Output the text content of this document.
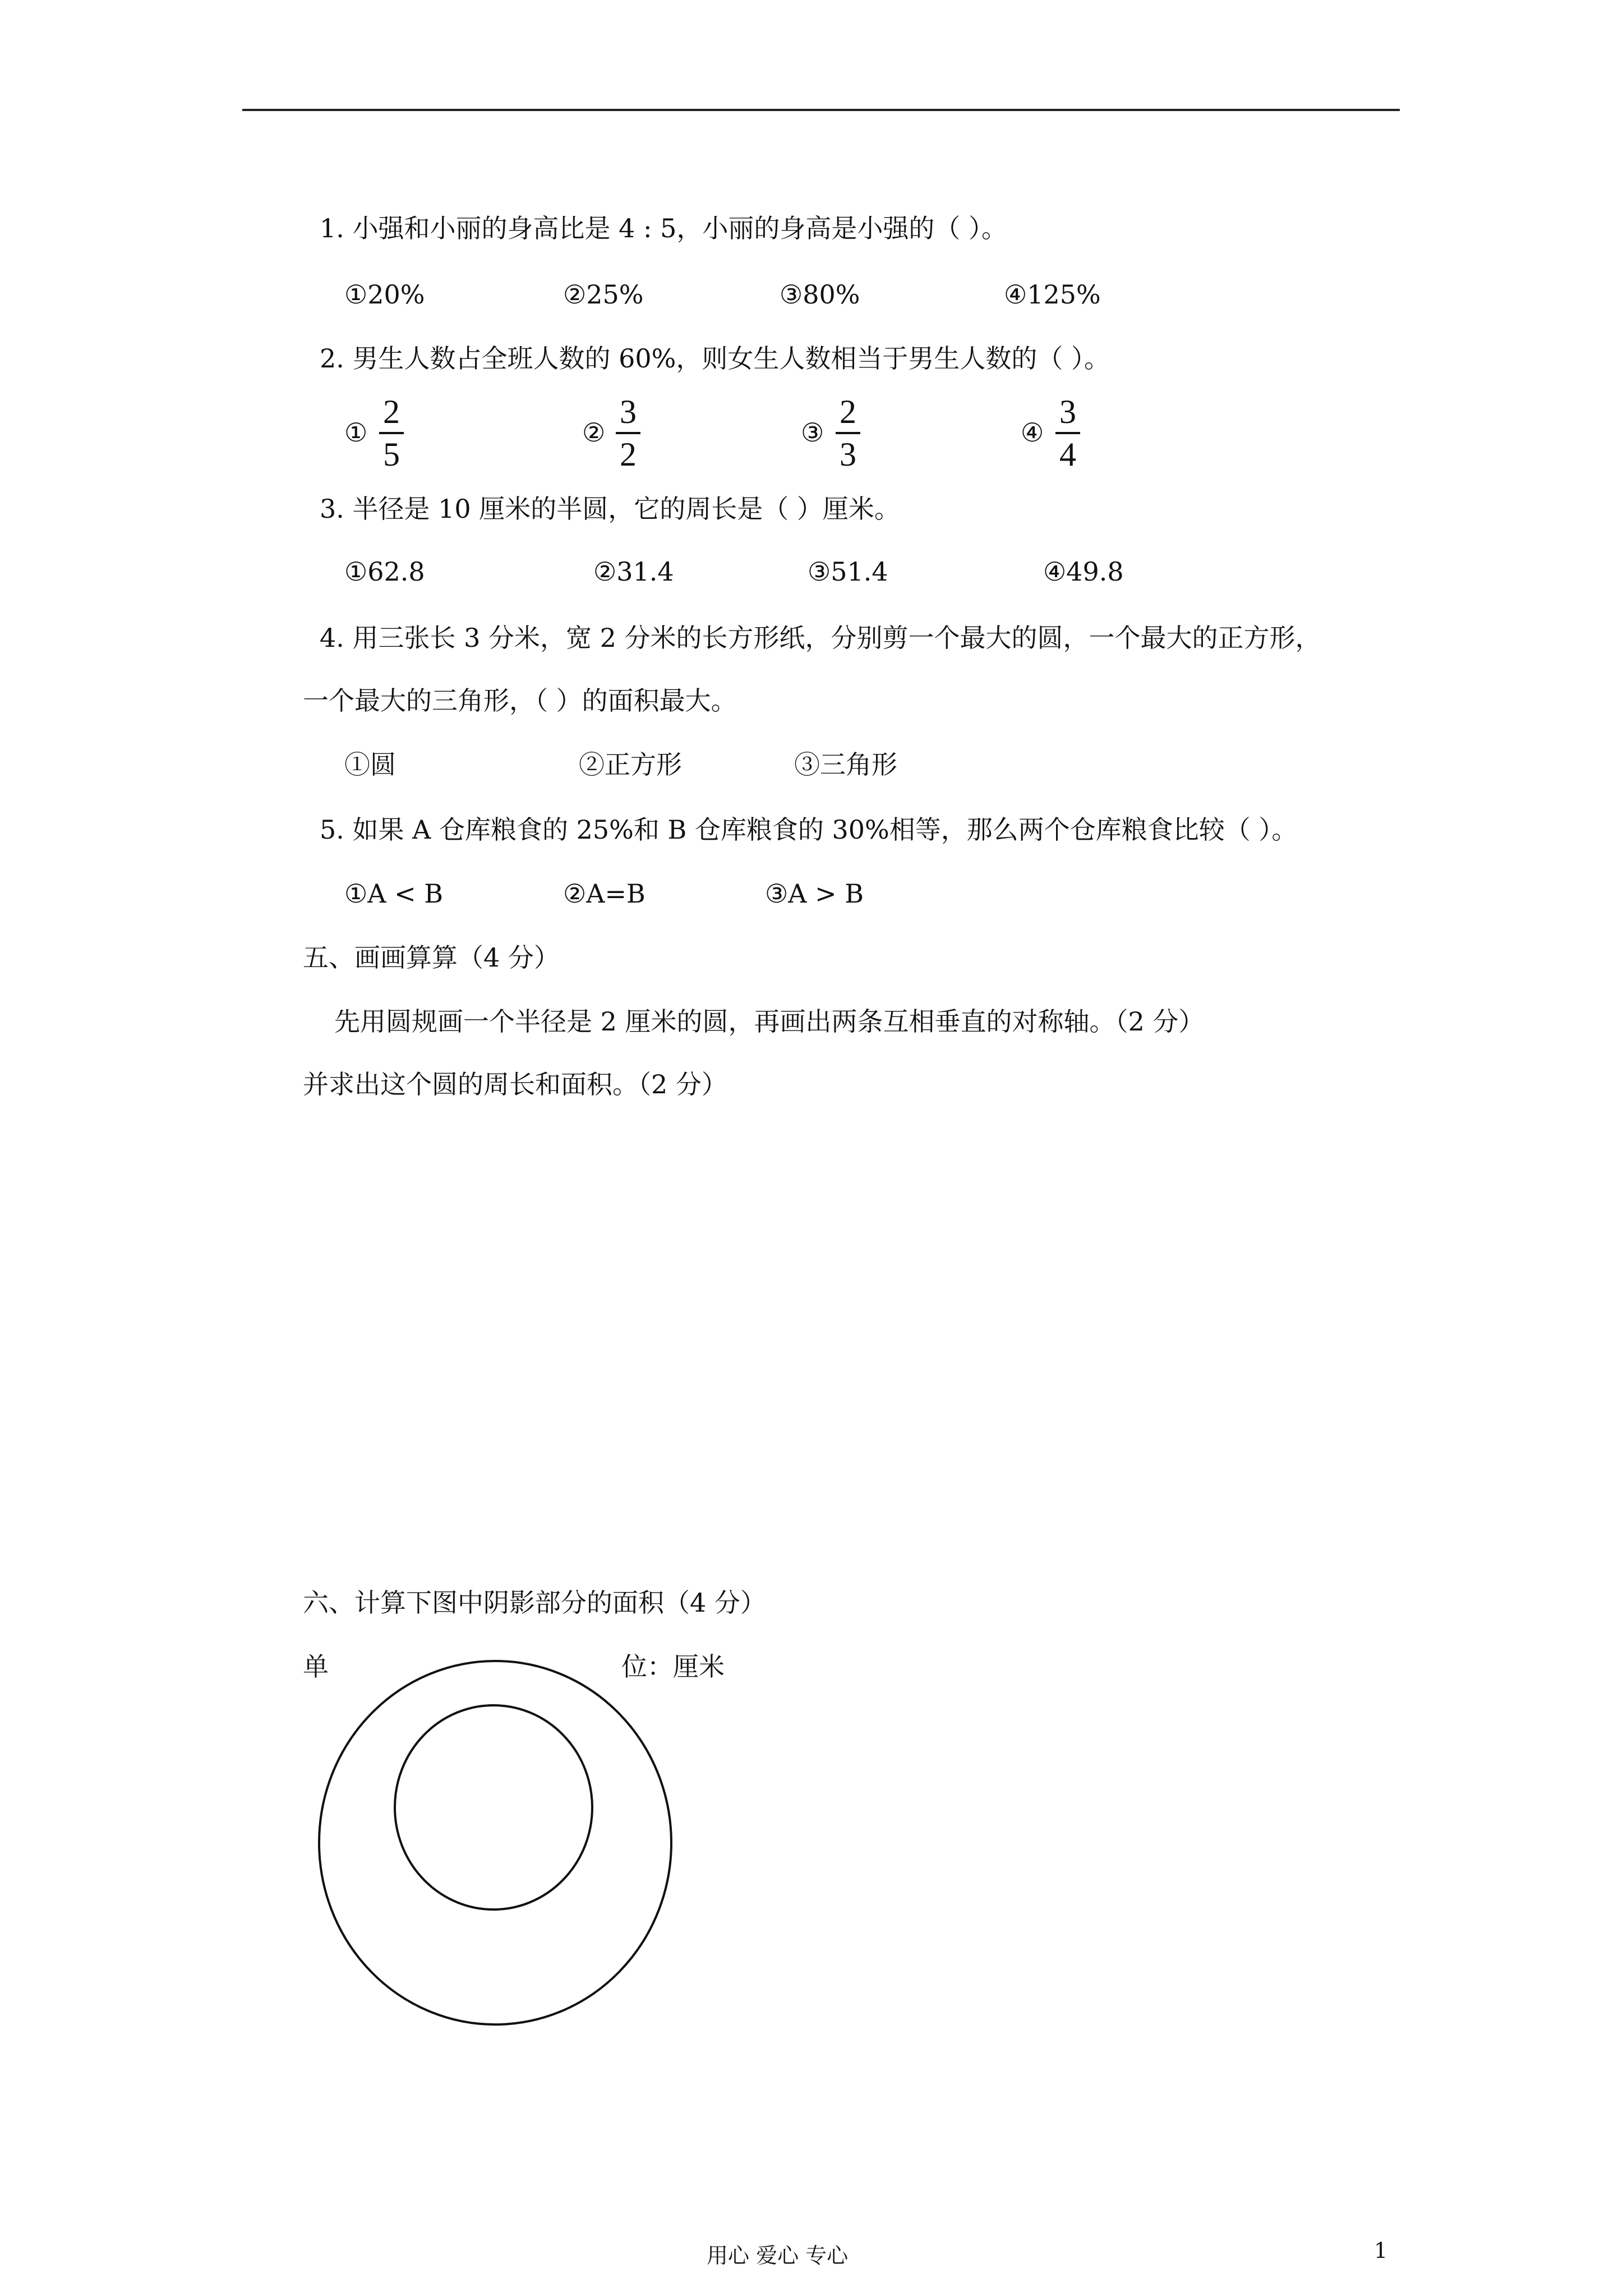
1. 小强和小丽的身高比是 4 : 5，小丽的身高是小强的（ ）。
①20%	②25%	③80%	④125%
2. 男生人数占全班人数的 60%，则女生人数相当于男生人数的（ ）。
①
2
5
②
3
2
③
2
3
④
3
4
3. 半径是 10 厘米的半圆，它的周长是（ ）厘米。
①62.8	②31.4	③51.4	④49.8
4. 用三张长 3 分米，宽 2 分米的长方形纸，分别剪一个最大的圆，一个最大的正方形，
一个最大的三角形，（ ）的面积最大。
①圆	②正方形	③三角形
5. 如果 A 仓库粮食的 25%和 B 仓库粮食的 30%相等，那么两个仓库粮食比较（ ）。
①A < B	②A=B	③A > B
五、画画算算（4 分）
先用圆规画一个半径是 2 厘米的圆，再画出两条互相垂直的对称轴。（2 分）
并求出这个圆的周长和面积。（2 分）
六、计算下图中阴影部分的面积（4 分）
单	位：厘米
用心 爱心 专心	1
